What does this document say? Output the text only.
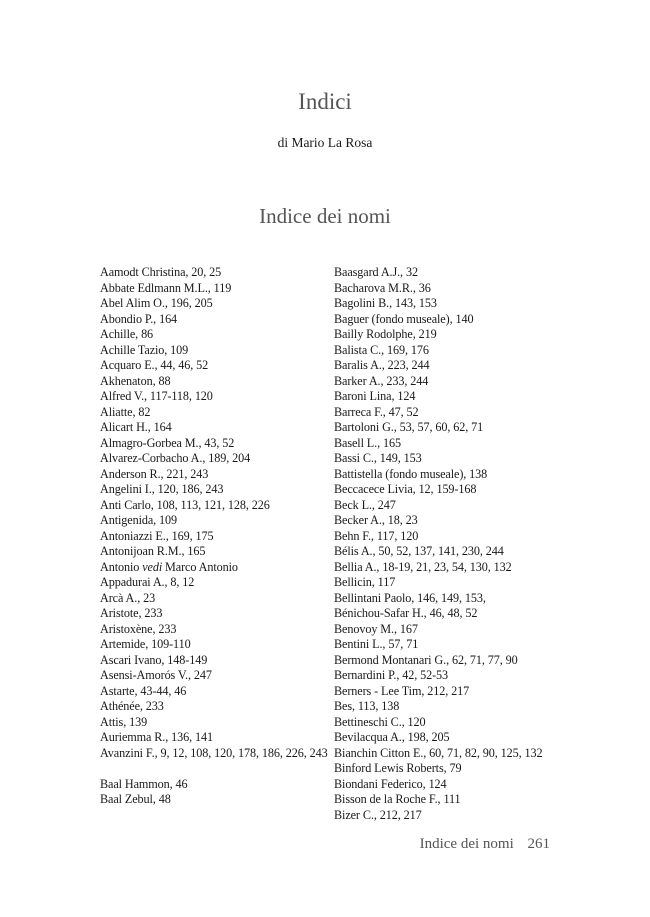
Indici
di Mario La Rosa
Indice dei nomi
Aamodt Christina, 20, 25
Abbate Edlmann M.L., 119
Abel Alim O., 196, 205
Abondio P., 164
Achille, 86
Achille Tazio, 109
Acquaro E., 44, 46, 52
Akhenaton, 88
Alfred V., 117-118, 120
Aliatte, 82
Alicart H., 164
Almagro-Gorbea M., 43, 52
Alvarez-Corbacho A., 189, 204
Anderson R., 221, 243
Angelini I., 120, 186, 243
Anti Carlo, 108, 113, 121, 128, 226
Antigenida, 109
Antoniazzi E., 169, 175
Antonijoan R.M., 165
Antonio vedi Marco Antonio
Appadurai A., 8, 12
Arcà A., 23
Aristote, 233
Aristoxène, 233
Artemide, 109-110
Ascari Ivano, 148-149
Asensi-Amorós V., 247
Astarte, 43-44, 46
Athénée, 233
Attis, 139
Auriemma R., 136, 141
Avanzini F., 9, 12, 108, 120, 178, 186, 226, 243
Baal Hammon, 46
Baal Zebul, 48
Baasgard A.J., 32
Bacharova M.R., 36
Bagolini B., 143, 153
Baguer (fondo museale), 140
Bailly Rodolphe, 219
Balista C., 169, 176
Baralis A., 223, 244
Barker A., 233, 244
Baroni Lina, 124
Barreca F., 47, 52
Bartoloni G., 53, 57, 60, 62, 71
Basell L., 165
Bassi C., 149, 153
Battistella (fondo museale), 138
Beccacece Livia, 12, 159-168
Beck L., 247
Becker A., 18, 23
Behn F., 117, 120
Bélis A., 50, 52, 137, 141, 230, 244
Bellia A., 18-19, 21, 23, 54, 130, 132
Bellicin, 117
Bellintani Paolo, 146, 149, 153,
Bénichou-Safar H., 46, 48, 52
Benovoy M., 167
Bentini L., 57, 71
Bermond Montanari G., 62, 71, 77, 90
Bernardini P., 42, 52-53
Berners - Lee Tim, 212, 217
Bes, 113, 138
Bettineschi C., 120
Bevilacqua A., 198, 205
Bianchin Citton E., 60, 71, 82, 90, 125, 132
Binford Lewis Roberts, 79
Biondani Federico, 124
Bisson de la Roche F., 111
Bizer C., 212, 217
Indice dei nomi 261
